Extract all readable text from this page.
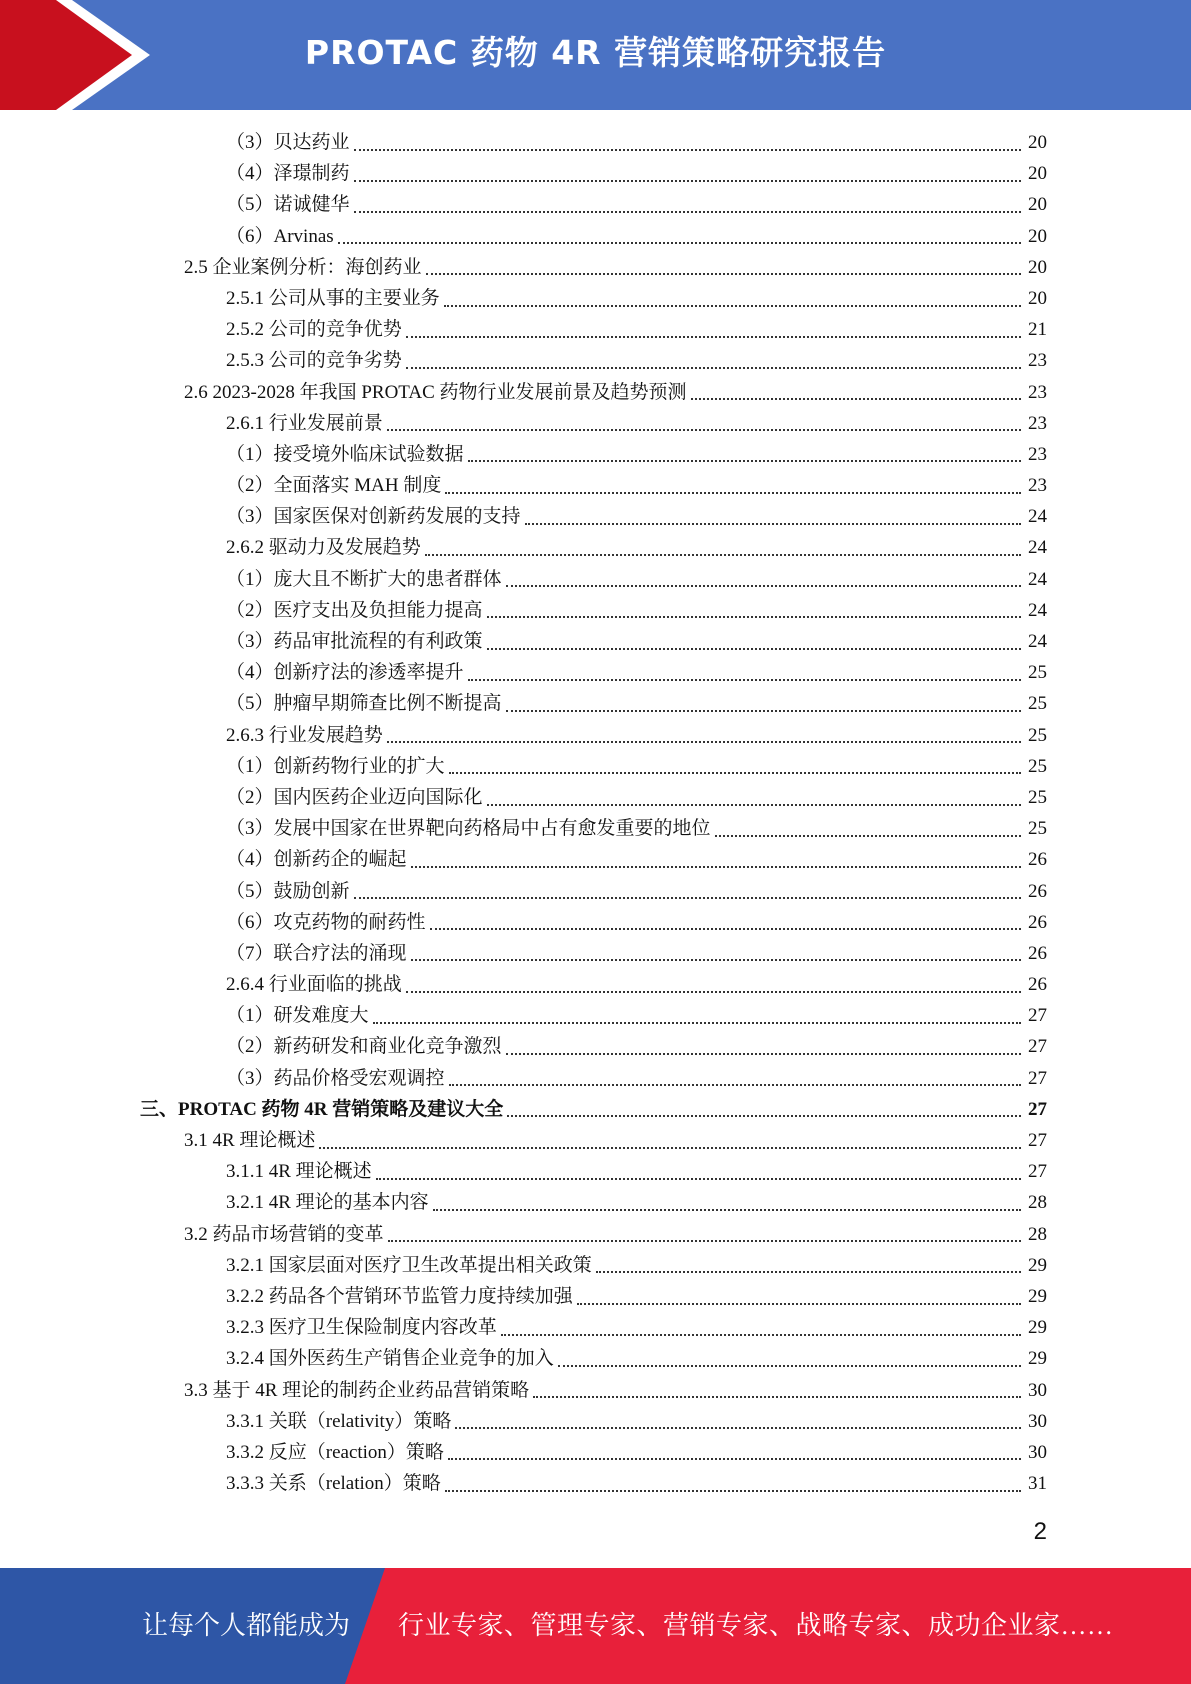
PROTAC 药物 4R 营销策略研究报告
（3）贝达药业	20
（4）泽璟制药	20
（5）诺诚健华	20
（6）Arvinas	20
2.5 企业案例分析：海创药业	20
2.5.1 公司从事的主要业务	20
2.5.2 公司的竞争优势	21
2.5.3 公司的竞争劣势	23
2.6 2023-2028 年我国 PROTAC 药物行业发展前景及趋势预测	23
2.6.1 行业发展前景	23
（1）接受境外临床试验数据	23
（2）全面落实 MAH 制度	23
（3）国家医保对创新药发展的支持	24
2.6.2 驱动力及发展趋势	24
（1）庞大且不断扩大的患者群体	24
（2）医疗支出及负担能力提高	24
（3）药品审批流程的有利政策	24
（4）创新疗法的渗透率提升	25
（5）肿瘤早期筛查比例不断提高	25
2.6.3 行业发展趋势	25
（1）创新药物行业的扩大	25
（2）国内医药企业迈向国际化	25
（3）发展中国家在世界靶向药格局中占有愈发重要的地位	25
（4）创新药企的崛起	26
（5）鼓励创新	26
（6）攻克药物的耐药性	26
（7）联合疗法的涌现	26
2.6.4 行业面临的挑战	26
（1）研发难度大	27
（2）新药研发和商业化竞争激烈	27
（3）药品价格受宏观调控	27
三、PROTAC 药物 4R 营销策略及建议大全	27
3.1 4R 理论概述	27
3.1.1 4R 理论概述	27
3.2.1 4R 理论的基本内容	28
3.2 药品市场营销的变革	28
3.2.1 国家层面对医疗卫生改革提出相关政策	29
3.2.2 药品各个营销环节监管力度持续加强	29
3.2.3 医疗卫生保险制度内容改革	29
3.2.4 国外医药生产销售企业竞争的加入	29
3.3 基于 4R 理论的制药企业药品营销策略	30
3.3.1 关联（relativity）策略	30
3.3.2 反应（reaction）策略	30
3.3.3 关系（relation）策略	31
2
让每个人都能成为 行业专家、管理专家、营销专家、战略专家、成功企业家……
